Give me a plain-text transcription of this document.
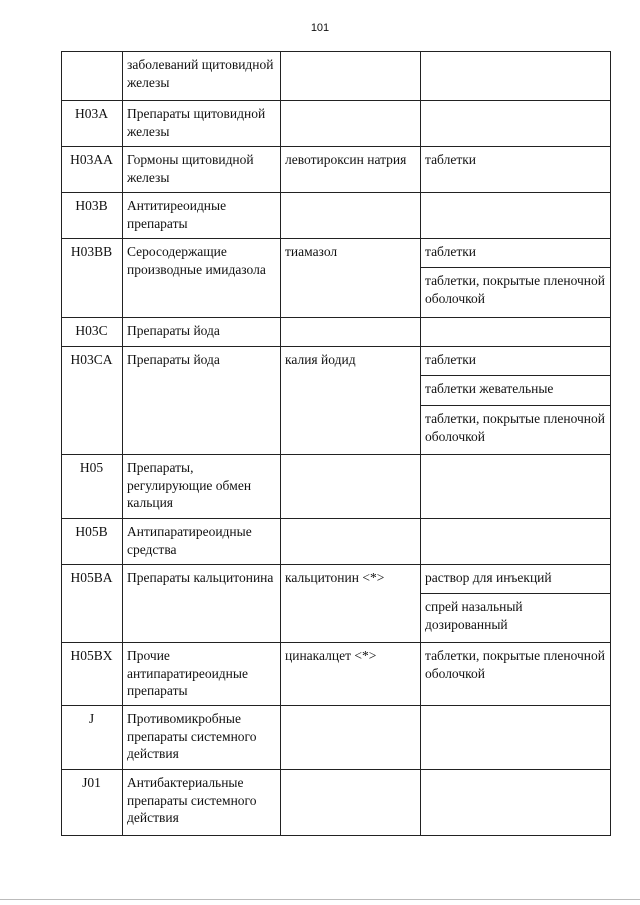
101
	заболеваний щитовидной железы		

H03A	Препараты щитовидной железы		

H03AA	Гормоны щитовидной железы	левотироксин натрия	таблетки

H03B	Антитиреоидные препараты		

H03BB	Серосодержащие производные имидазола	тиамазол	таблетки
таблетки, покрытые пленочной оболочкой

H03C	Препараты йода		

H03CA	Препараты йода	калия йодид	таблетки
таблетки жевательные
таблетки, покрытые пленочной оболочкой

H05	Препараты, регулирующие обмен кальция		

H05B	Антипаратиреоидные средства		

H05BA	Препараты кальцитонина	кальцитонин <*>	раствор для инъекций
спрей назальный дозированный

H05BX	Прочие антипаратиреоидные препараты	цинакалцет <*>	таблетки, покрытые пленочной оболочкой

J	Противомикробные препараты системного действия		

J01	Антибактериальные препараты системного действия		
